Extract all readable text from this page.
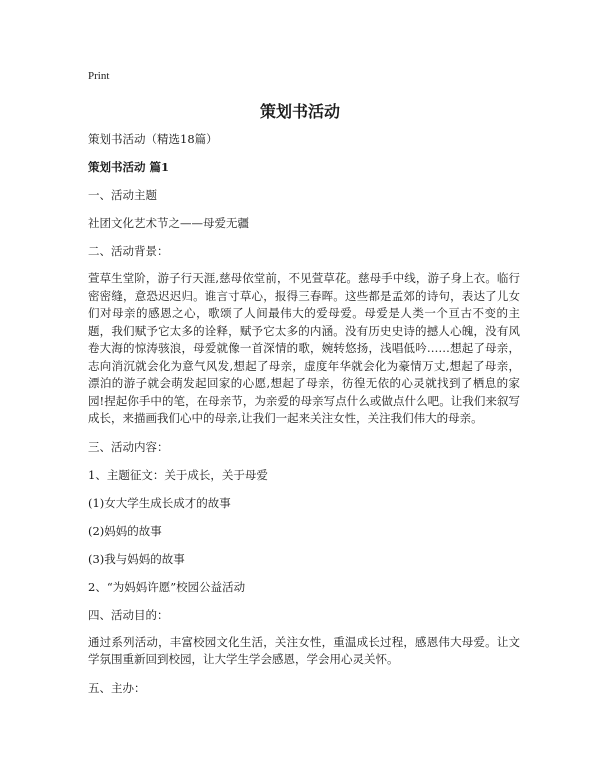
Print
策划书活动

策划书活动（精选18篇）

策划书活动 篇1

一、活动主题

社团文化艺术节之——母爱无疆

二、活动背景：

萱草生堂阶，游子行天涯,慈母依堂前，不见萱草花。慈母手中线，游子身上衣。临行密密缝，意恐迟迟归。谁言寸草心，报得三春晖。这些都是孟郊的诗句，表达了儿女们对母亲的感恩之心，歌颂了人间最伟大的爱母爱。母爱是人类一个亘古不变的主题，我们赋予它太多的诠释，赋予它太多的内涵。没有历史史诗的撼人心魄，没有风卷大海的惊涛骇浪，母爱就像一首深情的歌，婉转悠扬，浅唱低吟……想起了母亲，志向消沉就会化为意气风发,想起了母亲，虚度年华就会化为豪情万丈,想起了母亲，漂泊的游子就会萌发起回家的心愿,想起了母亲，彷徨无依的心灵就找到了栖息的家园!捏起你手中的笔，在母亲节，为亲爱的母亲写点什么或做点什么吧。让我们来叙写成长，来描画我们心中的母亲,让我们一起来关注女性，关注我们伟大的母亲。

三、活动内容：

1、主题征文：关于成长，关于母爱

(1)女大学生成长成才的故事

(2)妈妈的故事

(3)我与妈妈的故事

2、“为妈妈许愿”校园公益活动

四、活动目的：

通过系列活动，丰富校园文化生活，关注女性，重温成长过程，感恩伟大母爱。让文学氛围重新回到校园，让大学生学会感恩，学会用心灵关怀。

五、主办：
